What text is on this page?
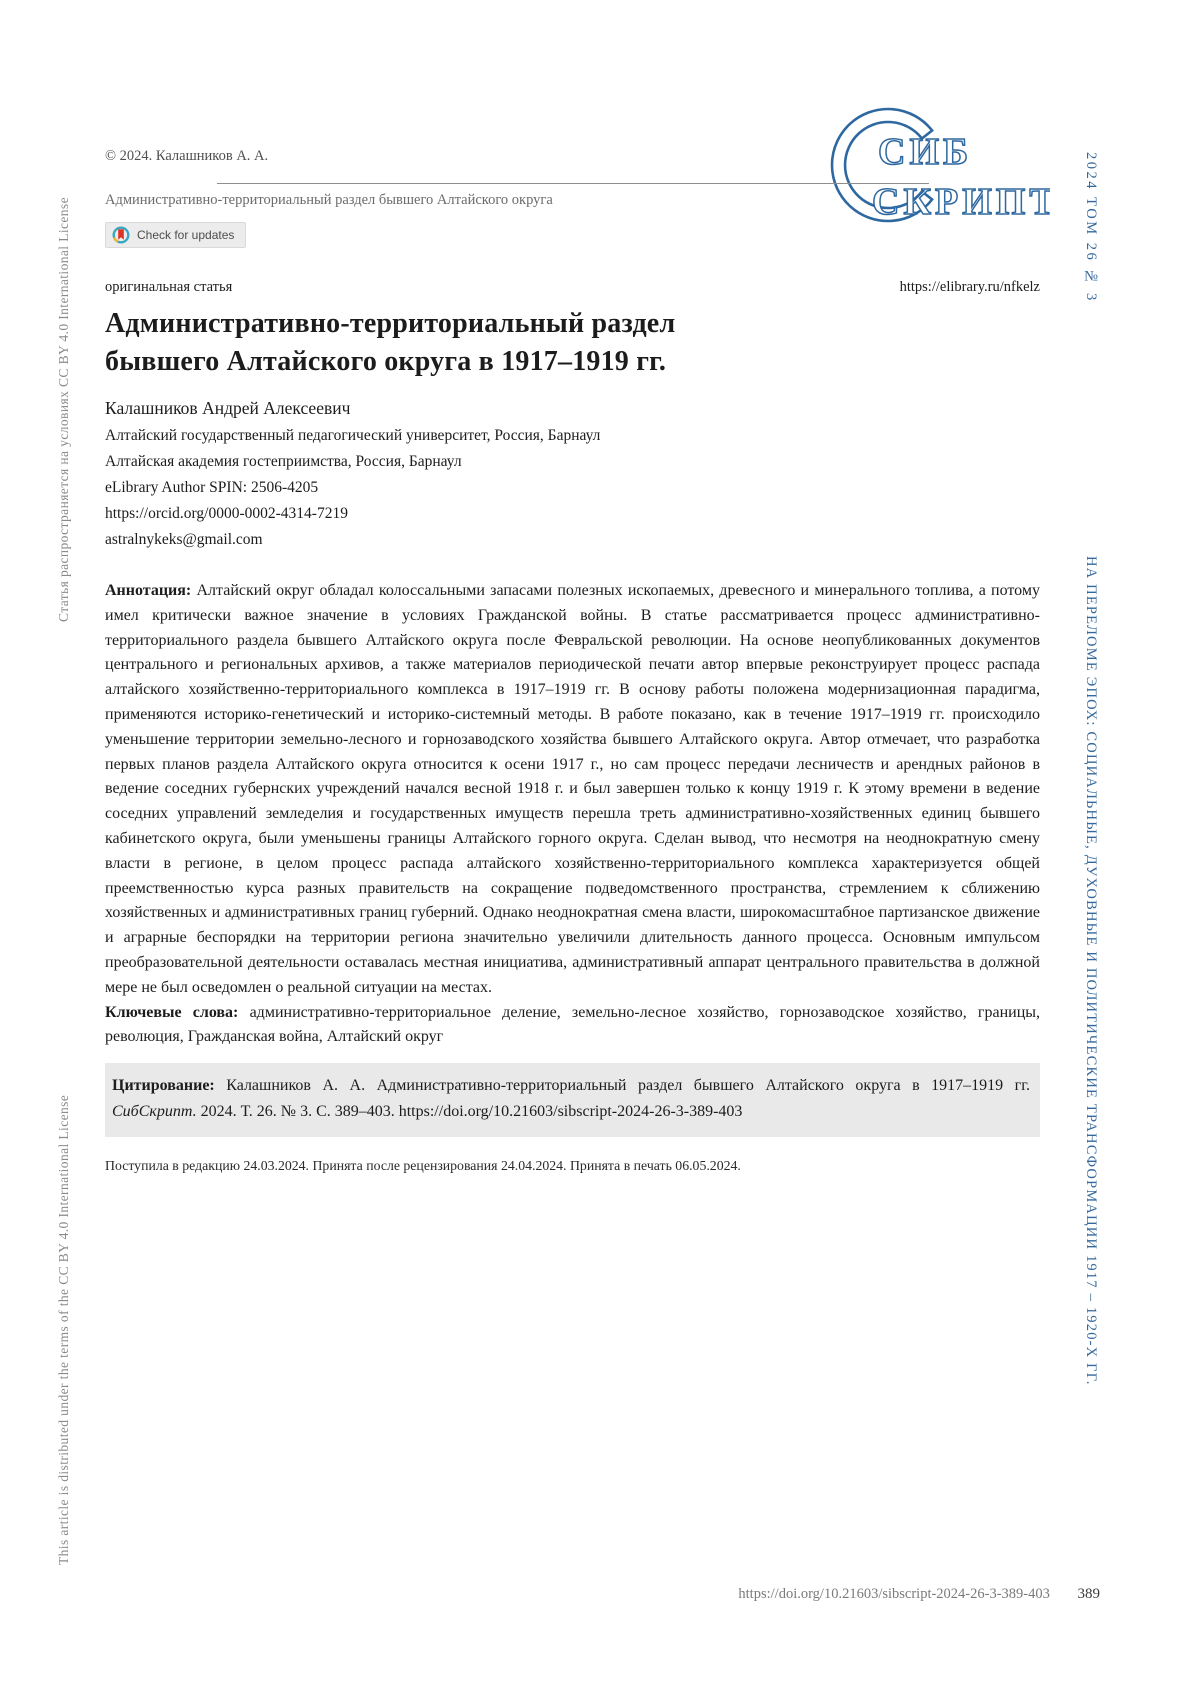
Статья распространяется на условиях CC BY 4.0 International License
This article is distributed under the terms of the CC BY 4.0 International License
2024 ТОМ 26 № 3
НА ПЕРЕЛОМЕ ЭПОХ: СОЦИАЛЬНЫЕ, ДУХОВНЫЕ И ПОЛИТИЧЕСКИЕ ТРАНСФОРМАЦИИ 1917 – 1920-Х ГГ.
СИБ
СКРИПТ
© 2024. Калашников А. А.
Административно-территориальный раздел бывшего Алтайского округа
Check for updates
оригинальная статья	https://elibrary.ru/nfkelz
Административно-территориальный раздел
бывшего Алтайского округа в 1917–1919 гг.
Калашников Андрей Алексеевич
Алтайский государственный педагогический университет, Россия, Барнаул
Алтайская академия гостеприимства, Россия, Барнаул
eLibrary Author SPIN: 2506-4205
https://orcid.org/0000-0002-4314-7219
astralnykeks@gmail.com
Аннотация: Алтайский округ обладал колоссальными запасами полезных ископаемых, древесного и минерального топлива, а потому имел критически важное значение в условиях Гражданской войны. В статье рассматривается процесс административно-территориального раздела бывшего Алтайского округа после Февральской революции. На основе неопубликованных документов центрального и региональных архивов, а также материалов периодической печати автор впервые реконструирует процесс распада алтайского хозяйственно-территориального комплекса в 1917–1919 гг. В основу работы положена модернизационная парадигма, применяются историко-генетический и историко-системный методы. В работе показано, как в течение 1917–1919 гг. происходило уменьшение территории земельно-лесного и горнозаводского хозяйства бывшего Алтайского округа. Автор отмечает, что разработка первых планов раздела Алтайского округа относится к осени 1917 г., но сам процесс передачи лесничеств и арендных районов в ведение соседних губернских учреждений начался весной 1918 г. и был завершен только к концу 1919 г. К этому времени в ведение соседних управлений земледелия и государственных имуществ перешла треть административно-хозяйственных единиц бывшего кабинетского округа, были уменьшены границы Алтайского горного округа. Сделан вывод, что несмотря на неоднократную смену власти в регионе, в целом процесс распада алтайского хозяйственно-территориального комплекса характеризуется общей преемственностью курса разных правительств на сокращение подведомственного пространства, стремлением к сближению хозяйственных и административных границ губерний. Однако неоднократная смена власти, широкомасштабное партизанское движение и аграрные беспорядки на территории региона значительно увеличили длительность данного процесса. Основным импульсом преобразовательной деятельности оставалась местная инициатива, административный аппарат центрального правительства в должной мере не был осведомлен о реальной ситуации на местах.
Ключевые слова: административно-территориальное деление, земельно-лесное хозяйство, горнозаводское хозяйство, границы, революция, Гражданская война, Алтайский округ
Цитирование: Калашников А. А. Административно-территориальный раздел бывшего Алтайского округа в 1917–1919 гг. СибСкрипт. 2024. Т. 26. № 3. С. 389–403. https://doi.org/10.21603/sibscript-2024-26-3-389-403
Поступила в редакцию 24.03.2024. Принята после рецензирования 24.04.2024. Принята в печать 06.05.2024.
https://doi.org/10.21603/sibscript-2024-26-3-389-403 389
